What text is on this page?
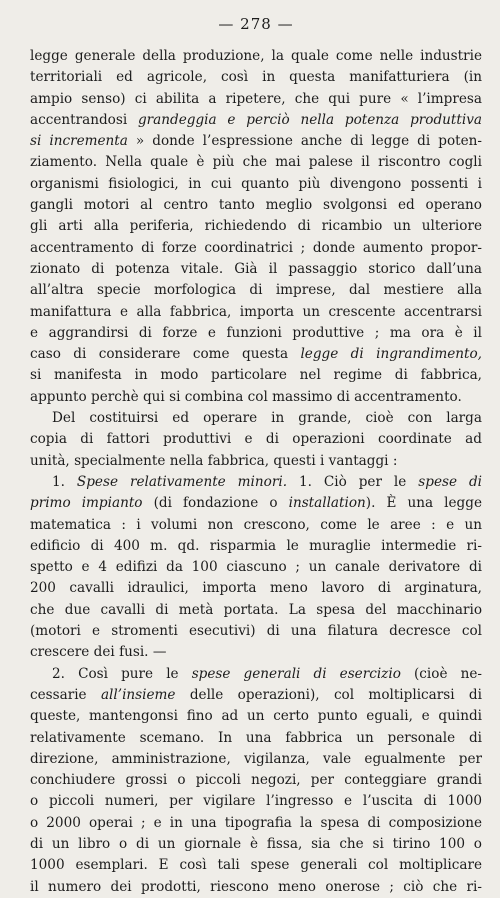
— 278 —
legge generale della produzione, la quale come nelle industrie
territoriali ed agricole, così in questa manifatturiera (in
ampio senso) ci abilita a ripetere, che qui pure « l’impresa
accentrandosi grandeggia e perciò nella potenza produttiva
si incrementa » donde l’espressione anche di legge di poten-
ziamento. Nella quale è più che mai palese il riscontro cogli
organismi fisiologici, in cui quanto più divengono possenti i
gangli motori al centro tanto meglio svolgonsi ed operano
gli arti alla periferia, richiedendo di ricambio un ulteriore
accentramento di forze coordinatrici ; donde aumento propor-
zionato di potenza vitale. Già il passaggio storico dall’una
all’altra specie morfologica di imprese, dal mestiere alla
manifattura e alla fabbrica, importa un crescente accentrarsi
e aggrandirsi di forze e funzioni produttive ; ma ora è il
caso di considerare come questa legge di ingrandimento,
si manifesta in modo particolare nel regime di fabbrica,
appunto perchè qui si combina col massimo di accentramento.
Del costituirsi ed operare in grande, cioè con larga
copia di fattori produttivi e di operazioni coordinate ad
unità, specialmente nella fabbrica, questi i vantaggi :
1. Spese relativamente minori. 1. Ciò per le spese di
primo impianto (di fondazione o installation). È una legge
matematica : i volumi non crescono, come le aree : e un
edificio di 400 m. qd. risparmia le muraglie intermedie ri-
spetto e 4 edifizi da 100 ciascuno ; un canale derivatore di
200 cavalli idraulici, importa meno lavoro di arginatura,
che due cavalli di metà portata. La spesa del macchinario
(motori e stromenti esecutivi) di una filatura decresce col
crescere dei fusi. —
2. Così pure le spese generali di esercizio (cioè ne-
cessarie all’insieme delle operazioni), col moltiplicarsi di
queste, mantengonsi fino ad un certo punto eguali, e quindi
relativamente scemano. In una fabbrica un personale di
direzione, amministrazione, vigilanza, vale egualmente per
conchiudere grossi o piccoli negozi, per conteggiare grandi
o piccoli numeri, per vigilare l’ingresso e l’uscita di 1000
o 2000 operai ; e in una tipografia la spesa di composizione
di un libro o di un giornale è fissa, sia che si tirino 100 o
1000 esemplari. E così tali spese generali col moltiplicare
il numero dei prodotti, riescono meno onerose ; ciò che ri-
